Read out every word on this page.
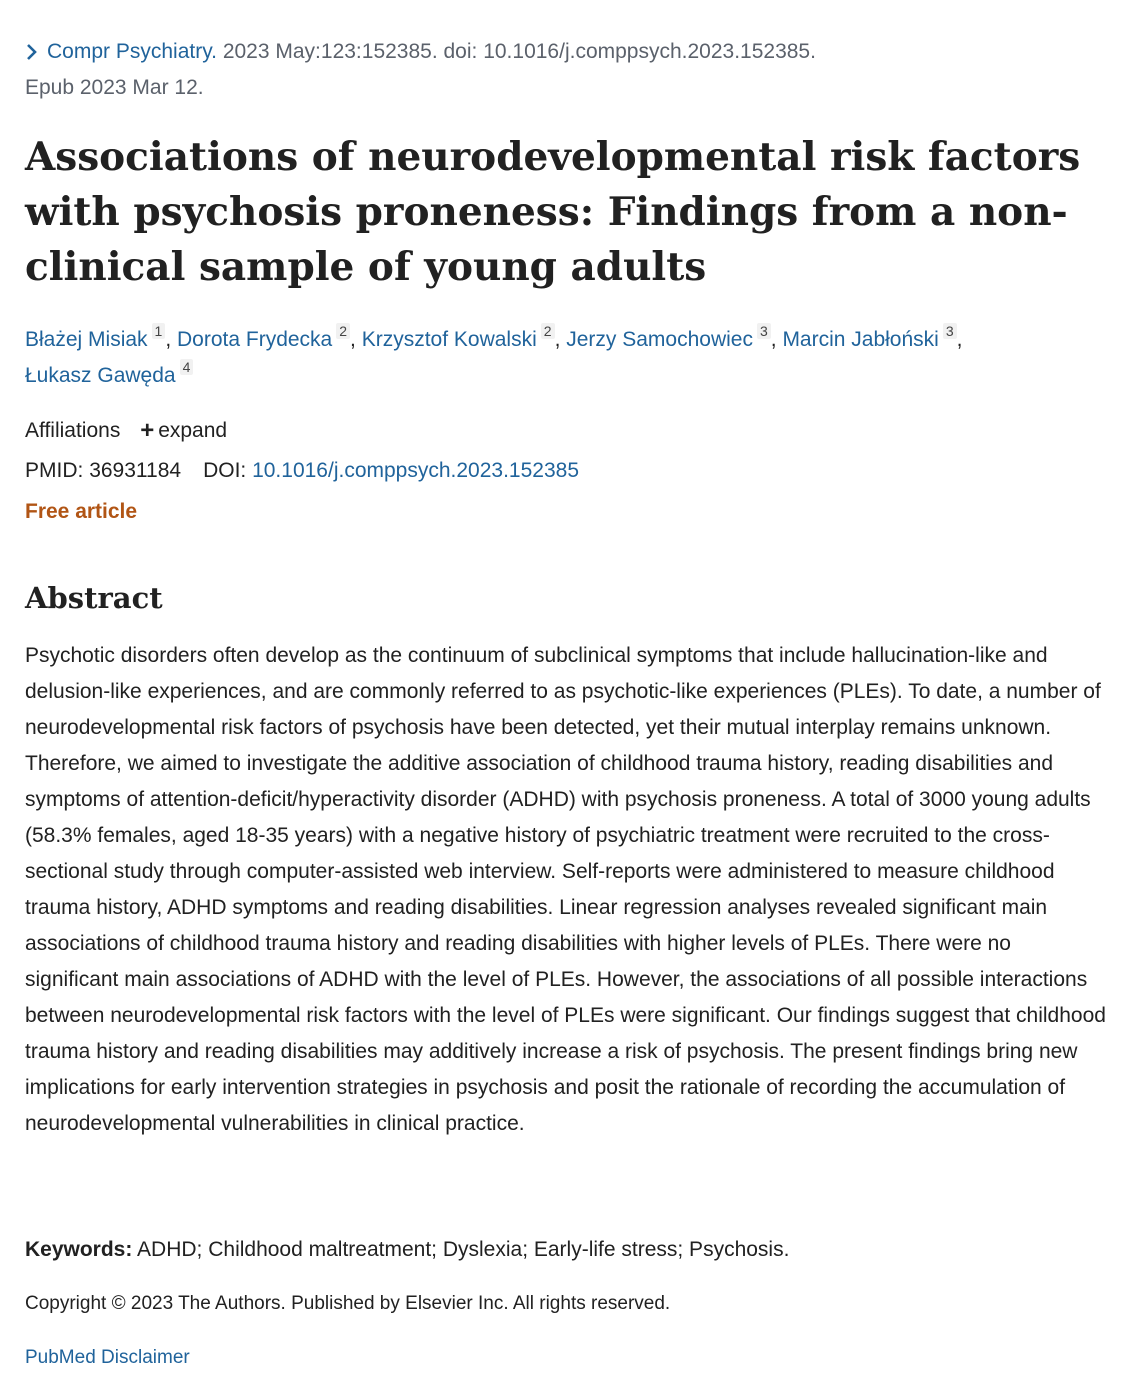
Compr Psychiatry. 2023 May:123:152385. doi: 10.1016/j.comppsych.2023.152385.
Epub 2023 Mar 12.
Associations of neurodevelopmental risk factors with psychosis proneness: Findings from a non-clinical sample of young adults
Błażej Misiak 1 , Dorota Frydecka 2 , Krzysztof Kowalski 2 , Jerzy Samochowiec 3 , Marcin Jabłoński 3 ,
Łukasz Gawęda 4
Affiliations + expand
PMID: 36931184 DOI: 10.1016/j.comppsych.2023.152385
Free article
Abstract

Psychotic disorders often develop as the continuum of subclinical symptoms that include hallucination-like and delusion-like experiences, and are commonly referred to as psychotic-like experiences (PLEs). To date, a number of neurodevelopmental risk factors of psychosis have been detected, yet their mutual interplay remains unknown. Therefore, we aimed to investigate the additive association of childhood trauma history, reading disabilities and symptoms of attention-deficit/hyperactivity disorder (ADHD) with psychosis proneness. A total of 3000 young adults (58.3% females, aged 18-35 years) with a negative history of psychiatric treatment were recruited to the cross-sectional study through computer-assisted web interview. Self-reports were administered to measure childhood trauma history, ADHD symptoms and reading disabilities. Linear regression analyses revealed significant main associations of childhood trauma history and reading disabilities with higher levels of PLEs. There were no significant main associations of ADHD with the level of PLEs. However, the associations of all possible interactions between neurodevelopmental risk factors with the level of PLEs were significant. Our findings suggest that childhood trauma history and reading disabilities may additively increase a risk of psychosis. The present findings bring new implications for early intervention strategies in psychosis and posit the rationale of recording the accumulation of neurodevelopmental vulnerabilities in clinical practice.

Keywords: ADHD; Childhood maltreatment; Dyslexia; Early-life stress; Psychosis.
Copyright © 2023 The Authors. Published by Elsevier Inc. All rights reserved.
PubMed Disclaimer
